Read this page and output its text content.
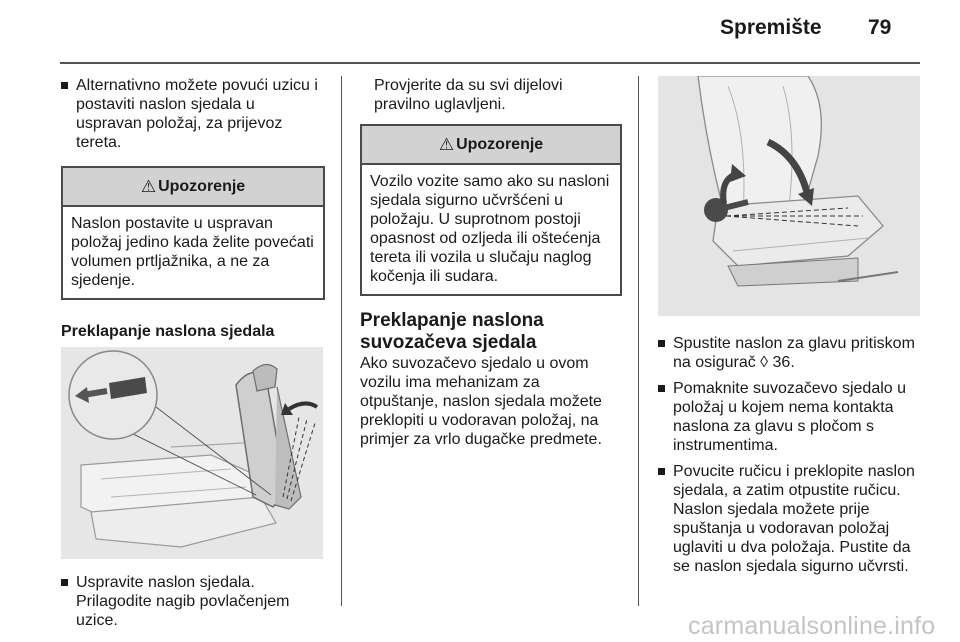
Spremište 79

Alternativno možete povući uzicu i postaviti naslon sjedala u uspravan položaj, za prijevoz tereta.

⚠ Upozorenje
Naslon postavite u uspravan položaj jedino kada želite povećati volumen prtljažnika, a ne za sjedenje.
Preklapanje naslona sjedala

Uspravite naslon sjedala. Prilagodite nagib povlačenjem uzice.

Provjerite da su svi dijelovi pravilno uglavljeni.

⚠ Upozorenje
Vozilo vozite samo ako su nasloni sjedala sigurno učvršćeni u položaju. U suprotnom postoji opasnost od ozljeda ili oštećenja tereta ili vozila u slučaju naglog kočenja ili sudara.
Preklapanje naslona suvozačeva sjedala

Ako suvozačevo sjedalo u ovom vozilu ima mehanizam za otpuštanje, naslon sjedala možete preklopiti u vodoravan položaj, na primjer za vrlo dugačke predmete.

Spustite naslon za glavu pritiskom na osigurač ◊ 36.

Pomaknite suvozačevo sjedalo u položaj u kojem nema kontakta naslona za glavu s pločom s instrumentima.

Povucite ručicu i preklopite naslon sjedala, a zatim otpustite ručicu. Naslon sjedala možete prije spuštanja u vodoravan položaj uglaviti u dva položaja. Pustite da se naslon sjedala sigurno učvrsti.

carmanualsonline.info
